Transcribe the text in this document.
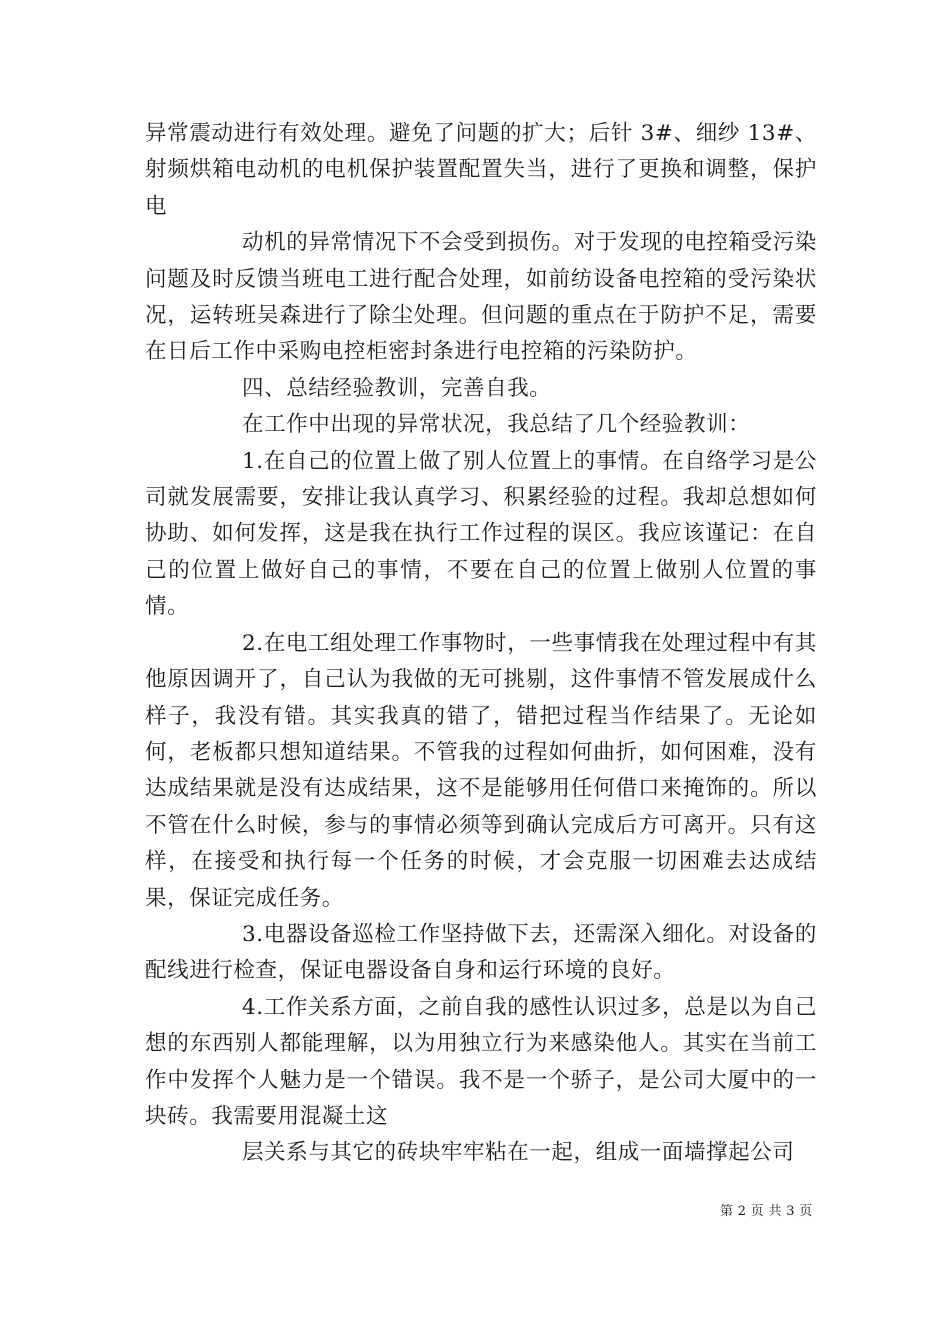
异常震动进行有效处理。避免了问题的扩大；后针 3#、细纱 13#、射频烘箱电动机的电机保护装置配置失当，进行了更换和调整，保护电

动机的异常情况下不会受到损伤。对于发现的电控箱受污染问题及时反馈当班电工进行配合处理，如前纺设备电控箱的受污染状况，运转班吴森进行了除尘处理。但问题的重点在于防护不足，需要在日后工作中采购电控柜密封条进行电控箱的污染防护。

四、总结经验教训，完善自我。

在工作中出现的异常状况，我总结了几个经验教训：

1.在自己的位置上做了别人位置上的事情。在自络学习是公司就发展需要，安排让我认真学习、积累经验的过程。我却总想如何协助、如何发挥，这是我在执行工作过程的误区。我应该谨记：在自己的位置上做好自己的事情，不要在自己的位置上做别人位置的事情。

2.在电工组处理工作事物时，一些事情我在处理过程中有其他原因调开了，自己认为我做的无可挑剔，这件事情不管发展成什么样子，我没有错。其实我真的错了，错把过程当作结果了。无论如何，老板都只想知道结果。不管我的过程如何曲折，如何困难，没有达成结果就是没有达成结果，这不是能够用任何借口来掩饰的。所以不管在什么时候，参与的事情必须等到确认完成后方可离开。只有这样，在接受和执行每一个任务的时候，才会克服一切困难去达成结果，保证完成任务。

3.电器设备巡检工作坚持做下去，还需深入细化。对设备的配线进行检查，保证电器设备自身和运行环境的良好。

4.工作关系方面，之前自我的感性认识过多，总是以为自己想的东西别人都能理解，以为用独立行为来感染他人。其实在当前工作中发挥个人魅力是一个错误。我不是一个骄子，是公司大厦中的一块砖。我需要用混凝土这

层关系与其它的砖块牢牢粘在一起，组成一面墙撑起公司

第 2 页 共 3 页
